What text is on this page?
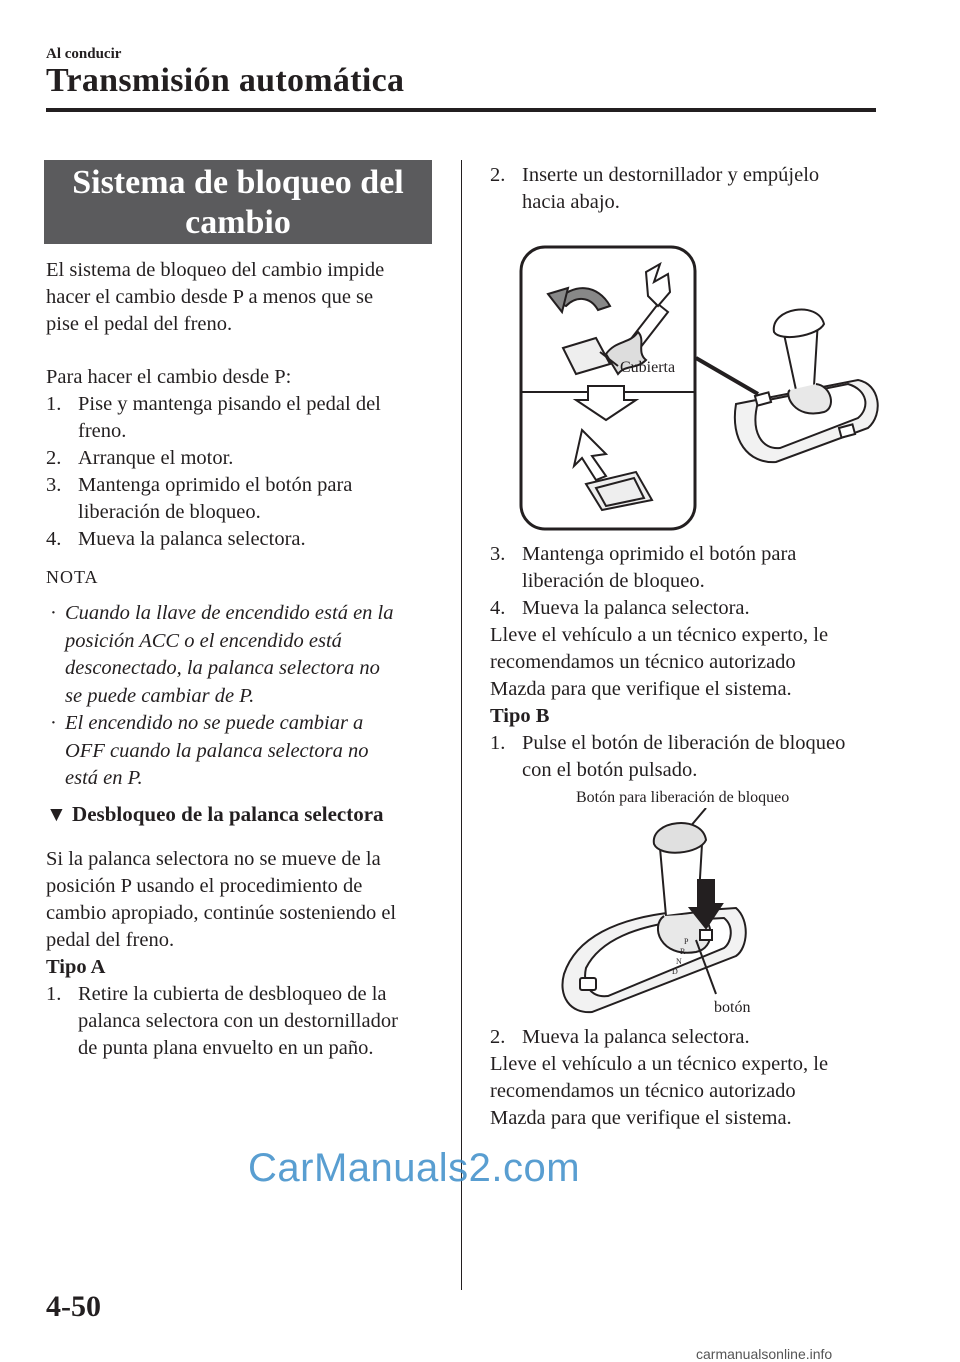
Al conducir
Transmisión automática
Sistema de bloqueo del
cambio
El sistema de bloqueo del cambio impide
hacer el cambio desde P a menos que se
pise el pedal del freno.
Para hacer el cambio desde P:
1. Pise y mantenga pisando el pedal del
freno.
2. Arranque el motor.
3. Mantenga oprimido el botón para
liberación de bloqueo.
4. Mueva la palanca selectora.
NOTA
· Cuando la llave de encendido está en la
posición ACC o el encendido está
desconectado, la palanca selectora no
se puede cambiar de P.
· El encendido no se puede cambiar a
OFF cuando la palanca selectora no
está en P.
▼ Desbloqueo de la palanca selectora
Si la palanca selectora no se mueve de la
posición P usando el procedimiento de
cambio apropiado, continúe sosteniendo el
pedal del freno.
Tipo A
1. Retire la cubierta de desbloqueo de la
palanca selectora con un destornillador
de punta plana envuelto en un paño.
2. Inserte un destornillador y empújelo
hacia abajo.
Cubierta
3. Mantenga oprimido el botón para
liberación de bloqueo.
4. Mueva la palanca selectora.
Lleve el vehículo a un técnico experto, le
recomendamos un técnico autorizado
Mazda para que verifique el sistema.
Tipo B
1. Pulse el botón de liberación de bloqueo
con el botón pulsado.
Botón para liberación de bloqueo
P
R
N
D
botón
2. Mueva la palanca selectora.
Lleve el vehículo a un técnico experto, le
recomendamos un técnico autorizado
Mazda para que verifique el sistema.
CarManuals2.com
4-50
carmanualsonline.info
